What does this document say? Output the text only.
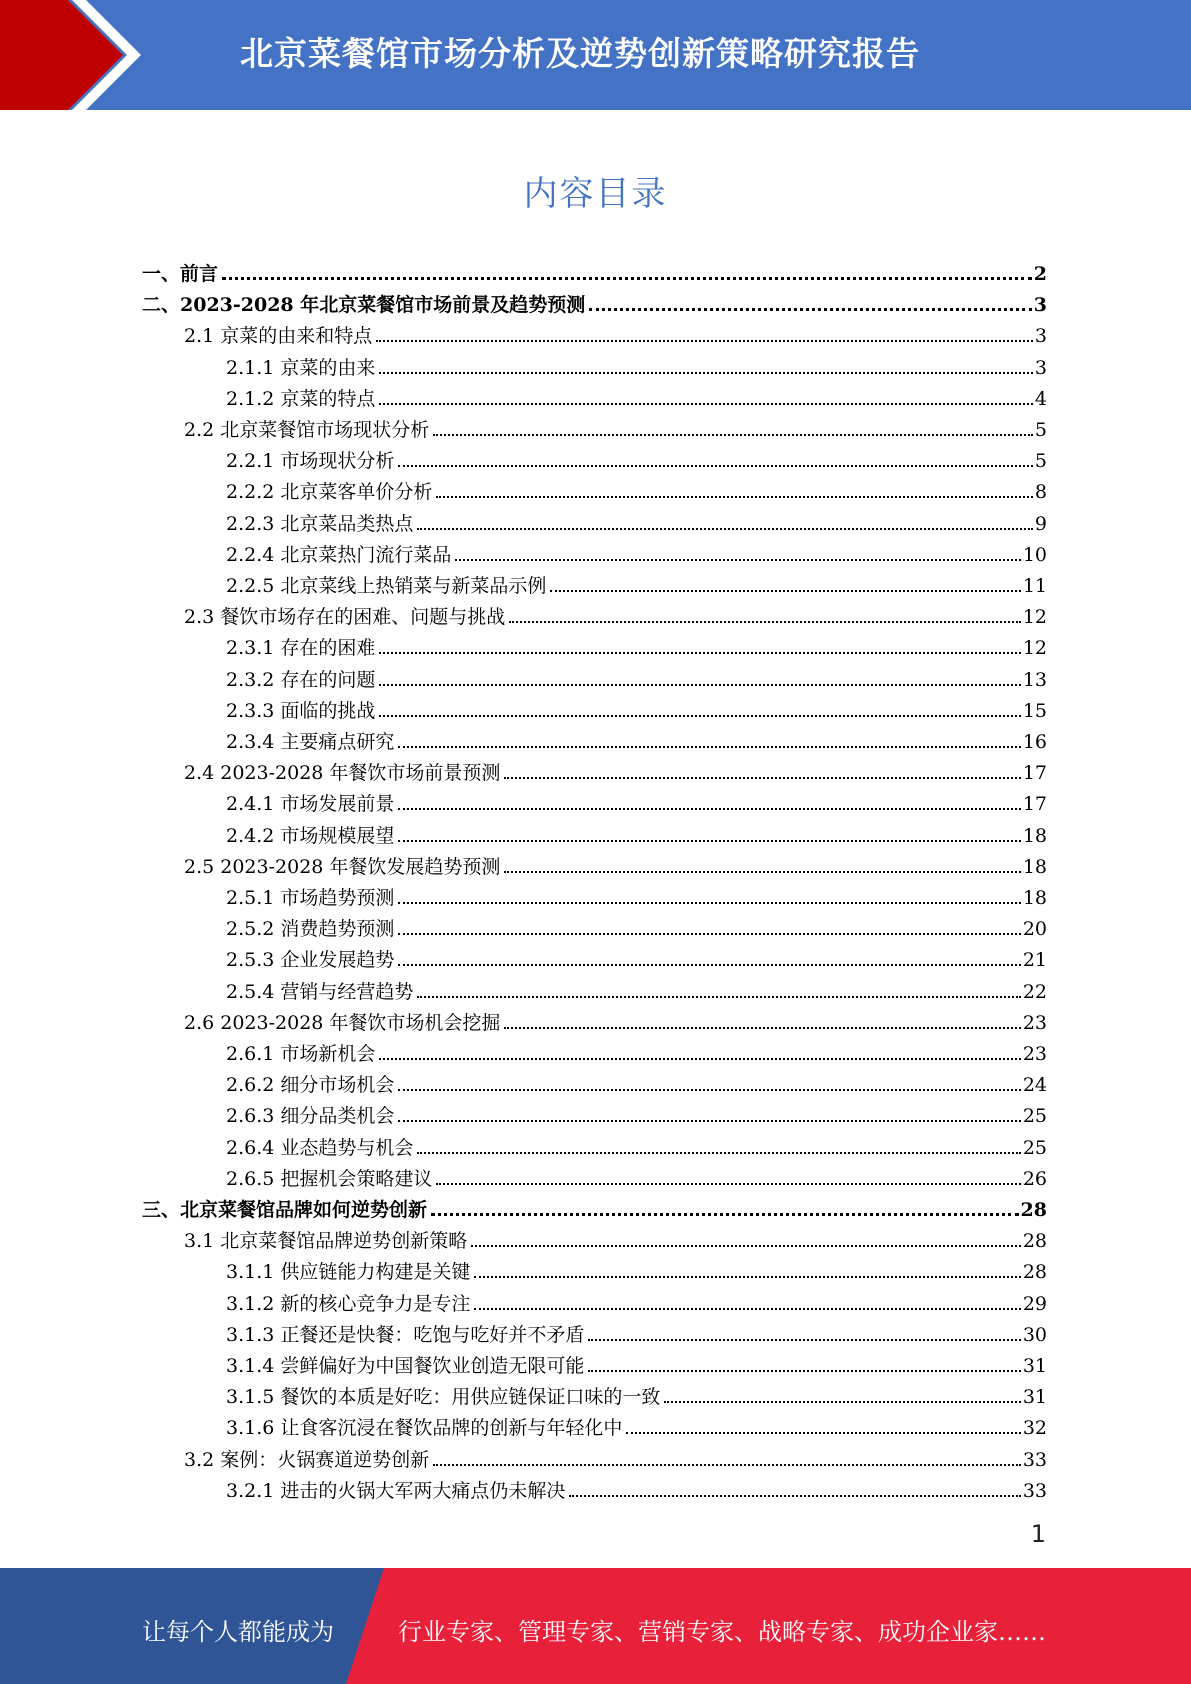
北京菜餐馆市场分析及逆势创新策略研究报告
内容目录
一、前言	2
二、2023-2028 年北京菜餐馆市场前景及趋势预测	3
2.1 京菜的由来和特点	3
2.1.1 京菜的由来	3
2.1.2 京菜的特点	4
2.2 北京菜餐馆市场现状分析	5
2.2.1 市场现状分析	5
2.2.2 北京菜客单价分析	8
2.2.3 北京菜品类热点	9
2.2.4 北京菜热门流行菜品	10
2.2.5 北京菜线上热销菜与新菜品示例	11
2.3 餐饮市场存在的困难、问题与挑战	12
2.3.1 存在的困难	12
2.3.2 存在的问题	13
2.3.3 面临的挑战	15
2.3.4 主要痛点研究	16
2.4 2023-2028 年餐饮市场前景预测	17
2.4.1 市场发展前景	17
2.4.2 市场规模展望	18
2.5 2023-2028 年餐饮发展趋势预测	18
2.5.1 市场趋势预测	18
2.5.2 消费趋势预测	20
2.5.3 企业发展趋势	21
2.5.4 营销与经营趋势	22
2.6 2023-2028 年餐饮市场机会挖掘	23
2.6.1 市场新机会	23
2.6.2 细分市场机会	24
2.6.3 细分品类机会	25
2.6.4 业态趋势与机会	25
2.6.5 把握机会策略建议	26
三、北京菜餐馆品牌如何逆势创新	28
3.1 北京菜餐馆品牌逆势创新策略	28
3.1.1 供应链能力构建是关键	28
3.1.2 新的核心竞争力是专注	29
3.1.3 正餐还是快餐：吃饱与吃好并不矛盾	30
3.1.4 尝鲜偏好为中国餐饮业创造无限可能	31
3.1.5 餐饮的本质是好吃：用供应链保证口味的一致	31
3.1.6 让食客沉浸在餐饮品牌的创新与年轻化中	32
3.2 案例：火锅赛道逆势创新	33
3.2.1 进击的火锅大军两大痛点仍未解决	33
1
让每个人都能成为	行业专家、管理专家、营销专家、战略专家、成功企业家……
